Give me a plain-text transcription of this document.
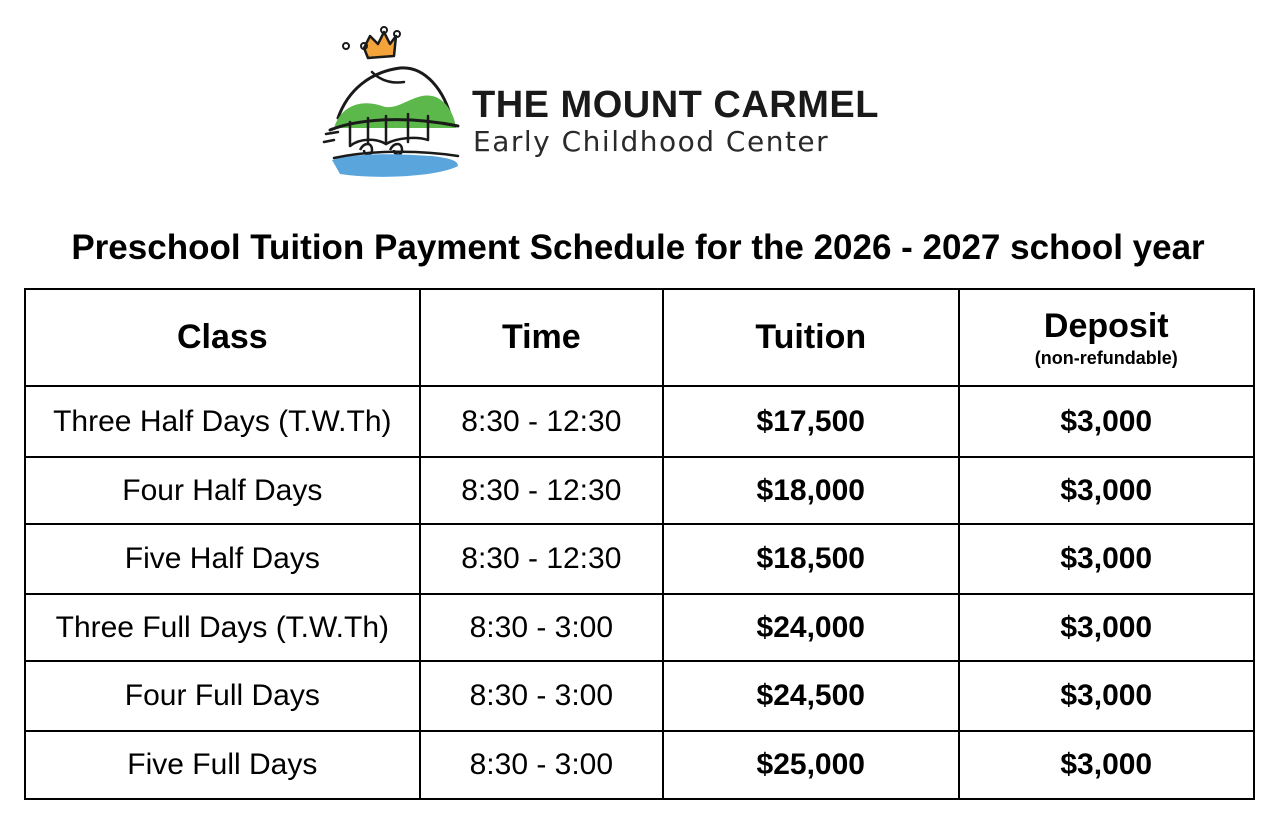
THE MOUNT CARMEL
Early Childhood Center
Preschool Tuition Payment Schedule for the 2026 - 2027 school year
Class	Time	Tuition	Deposit
(non-refundable)

Three Half Days (T.W.Th)	8:30 - 12:30	$17,500	$3,000
Four Half Days	8:30 - 12:30	$18,000	$3,000
Five Half Days	8:30 - 12:30	$18,500	$3,000
Three Full Days (T.W.Th)	8:30 - 3:00	$24,000	$3,000
Four Full Days	8:30 - 3:00	$24,500	$3,000
Five Full Days	8:30 - 3:00	$25,000	$3,000
